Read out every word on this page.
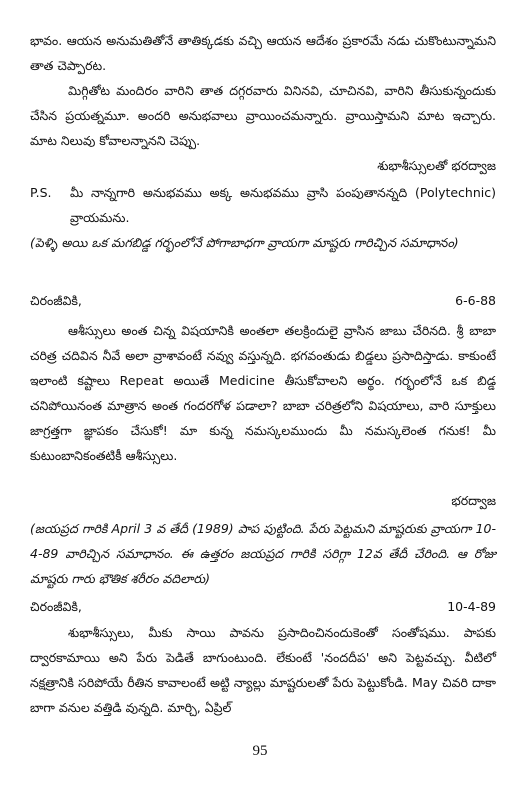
భావం. ఆయన అనుమతితోనే తాతిక్కడకు వచ్చి ఆయన ఆదేశం ప్రకారమే నడు చుకొంటున్నామని తాత చెప్పారట.
మిగ్గితోట మందిరం వారిని తాత దగ్గరవారు వినినవి, చూచినవి, వారిని తీసుకున్నందుకు చేసిన ప్రయత్నమూ. అందరి అనుభవాలు వ్రాయించమన్నారు. వ్రాయిస్తామని మాట ఇచ్చారు. మాట నిలువు కోవాలన్నానని చెప్పు.
శుభాశీస్సులతో భరద్వాజ
P.S.	మీ నాన్నగారి అనుభవము అక్క అనుభవము వ్రాసి పంపుతానన్నది (Polytechnic) వ్రాయమను.
(పెళ్ళి అయి ఒక మగబిడ్డ గర్భంలోనే పోగాబాధగా వ్రాయగా మాష్టరు గారిచ్చిన సమాధానం)
చిరంజీవికి,	6-6-88
ఆశీస్సులు అంత చిన్న విషయానికి అంతలా తలక్రిందులై వ్రాసిన జాబు చేరినది. శ్రీ బాబా చరిత్ర చదివిన నీవే అలా వ్రాశావంటే నవ్వు వస్తున్నది. భగవంతుడు బిడ్డలు ప్రసాదిస్తాడు. కాకుంటే ఇలాంటి కష్టాలు Repeat అయితే Medicine తీసుకోవాలని అర్థం. గర్భంలోనే ఒక బిడ్డ చనిపోయినంత మాత్రాన అంత గందరగోళ పడాలా? బాబా చరిత్రలోని విషయాలు, వారి సూక్తులు జాగ్రత్తగా జ్ఞాపకం చేసుకో! మా కున్న నమస్కలముందు మీ నమస్కలెంత గనుక! మీ కుటుంబానికంతటికీ ఆశీస్సులు.
భరద్వాజ
(జయప్రద గారికి April 3 వ తేదీ (1989) పాప పుట్టింది. పేరు పెట్టమని మాష్టరుకు వ్రాయగా 10-4-89 వారిచ్చిన సమాధానం. ఈ ఉత్తరం జయప్రద గారికి సరిగ్గా 12వ తేదీ చేరింది. ఆ రోజు మాష్టరు గారు భౌతిక శరీరం వదిలారు)
చిరంజీవికి,	10-4-89
శుభాశీస్సులు, మీకు సాయి పావను ప్రసాదించినందుకెంతో సంతోషము. పాపకు ద్వారకామాయి అని పేరు పెడితే బాగుంటుంది. లేకుంటే 'నందదీప' అని పెట్టవచ్చు. వీటిలో నక్షత్రానికి సరిపోయే రీతిన కావాలంటే అట్టి న్యాల్లు మాష్టరులతో పేరు పెట్టుకోండి. May చివరి దాకా బాగా వనుల వత్తిడి వున్నది. మార్చి, ఏప్రిల్
95
